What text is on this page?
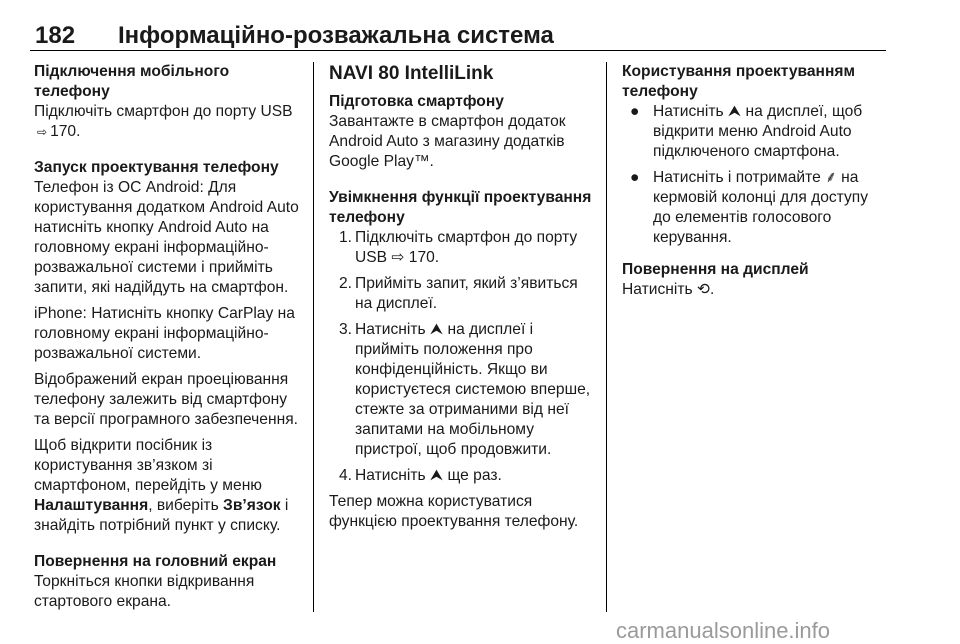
182 Інформаційно-розважальна система
Підключення мобільного телефону
Підключіть смартфон до порту USB ⇨ 170.
Запуск проектування телефону
Телефон із ОС Android: Для користування додатком Android Auto натисніть кнопку Android Auto на головному екрані інформаційно-розважальної системи і прийміть запити, які надійдуть на смартфон.
iPhone: Натисніть кнопку CarPlay на головному екрані інформаційно-розважальної системи.
Відображений екран проеціювання телефону залежить від смартфону та версії програмного забезпечення.
Щоб відкрити посібник із користування зв’язком зі смартфоном, перейдіть у меню Налаштування, виберіть Зв’язок і знайдіть потрібний пункт у списку.
Повернення на головний екран
Торкніться кнопки відкривання стартового екрана.
NAVI 80 IntelliLink
Підготовка смартфону
Завантажте в смартфон додаток Android Auto з магазину додатків Google Play™.
Увімкнення функції проектування телефону
1. Підключіть смартфон до порту USB ⇨ 170.
2. Прийміть запит, який з’явиться на дисплеї.
3. Натисніть ⮝ на дисплеї і прийміть положення про конфіденційність. Якщо ви користуєтеся системою вперше, стежте за отриманими від неї запитами на мобільному пристрої, щоб продовжити.
4. Натисніть ⮝ ще раз.
Тепер можна користуватися функцією проектування телефону.
Користування проектуванням телефону
● Натисніть ⮝ на дисплеї, щоб відкрити меню Android Auto підключеного смартфона.
● Натисніть і потримайте ⸙ на кермовій колонці для доступу до елементів голосового керування.
Повернення на дисплей
Натисніть ⟲.
carmanualsonline.info
